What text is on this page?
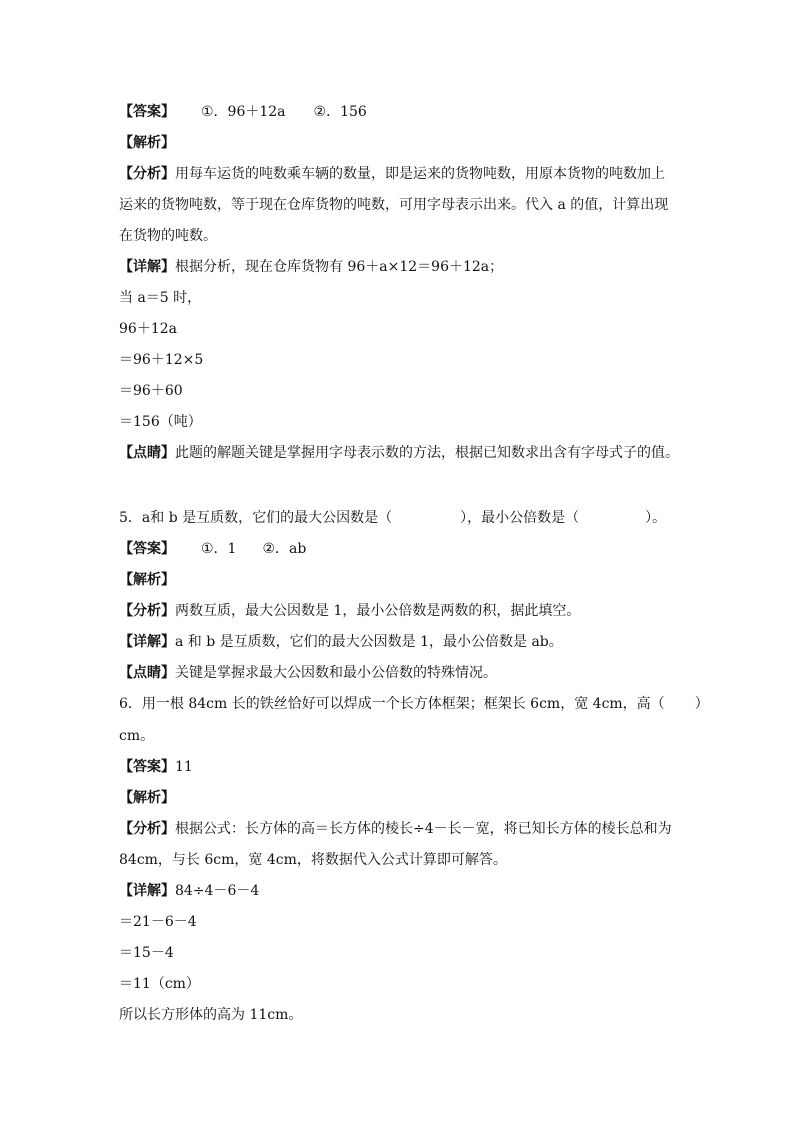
【答案】 ①．96＋12a ②．156
【解析】
【分析】用每车运货的吨数乘车辆的数量，即是运来的货物吨数，用原本货物的吨数加上
运来的货物吨数，等于现在仓库货物的吨数，可用字母表示出来。代入 a 的值，计算出现
在货物的吨数。
【详解】根据分析，现在仓库货物有 96＋a×12＝96＋12a；
当 a＝5 时，
96＋12a
＝96＋12×5
＝96＋60
＝156（吨）
【点睛】此题的解题关键是掌握用字母表示数的方法，根据已知数求出含有字母式子的值。
5．a和 b 是互质数，它们的最大公因数是（	），最小公倍数是（	）。
【答案】 ①．1 ②．ab
【解析】
【分析】两数互质，最大公因数是 1，最小公倍数是两数的积，据此填空。
【详解】a 和 b 是互质数，它们的最大公因数是 1，最小公倍数是 ab。
【点睛】关键是掌握求最大公因数和最小公倍数的特殊情况。
6．用一根 84cm 长的铁丝恰好可以焊成一个长方体框架；框架长 6cm，宽 4cm，高（ ）
cm。
【答案】11
【解析】
【分析】根据公式：长方体的高＝长方体的棱长÷4－长－宽，将已知长方体的棱长总和为
84cm，与长 6cm，宽 4cm，将数据代入公式计算即可解答。
【详解】84÷4－6－4
＝21－6－4
＝15－4
＝11（cm）
所以长方形体的高为 11cm。
